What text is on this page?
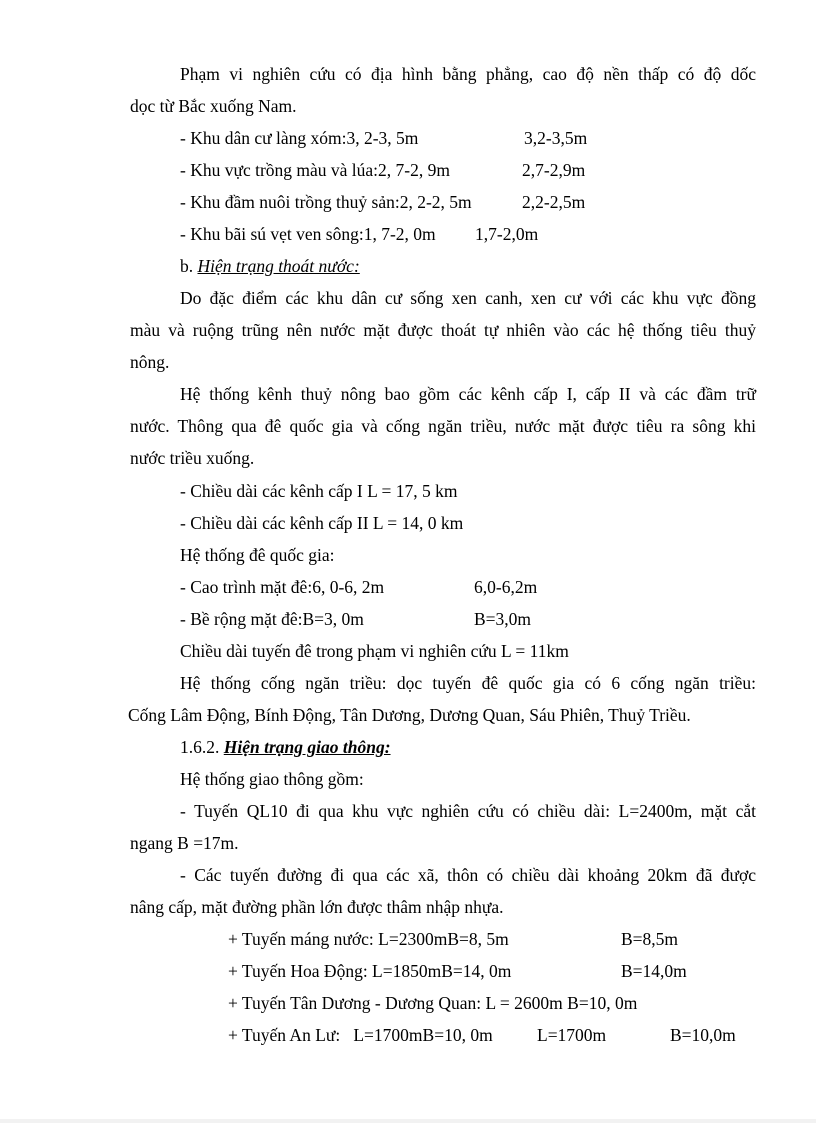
Phạm vi nghiên cứu có địa hình bằng phẳng, cao độ nền thấp có độ dốc
dọc từ Bắc xuống Nam.
- Khu dân cư làng xóm:3, 2-3, 5m	3,2-3,5m
- Khu vực trồng màu và lúa:2, 7-2, 9m	2,7-2,9m
- Khu đầm nuôi trồng thuỷ sản:2, 2-2, 5m	2,2-2,5m
- Khu bãi sú vẹt ven sông:1, 7-2, 0m 1,7-2,0m
b. Hiện trạng thoát nước:
Do đặc điểm các khu dân cư sống xen canh, xen cư với các khu vực đồng
màu và ruộng trũng nên nước mặt được thoát tự nhiên vào các hệ thống tiêu thuỷ
nông.
Hệ thống kênh thuỷ nông bao gồm các kênh cấp I, cấp II và các đầm trữ
nước. Thông qua đê quốc gia và cống ngăn triều, nước mặt được tiêu ra sông khi
nước triều xuống.
- Chiều dài các kênh cấp I L = 17, 5 km
- Chiều dài các kênh cấp II L = 14, 0 km
Hệ thống đê quốc gia:
- Cao trình mặt đê:6, 0-6, 2m	6,0-6,2m
- Bề rộng mặt đê:B=3, 0m	B=3,0m
Chiều dài tuyến đê trong phạm vi nghiên cứu L = 11km
Hệ thống cống ngăn triều: dọc tuyến đê quốc gia có 6 cống ngăn triều:
Cống Lâm Động, Bính Động, Tân Dương, Dương Quan, Sáu Phiên, Thuỷ Triều.
1.6.2. Hiện trạng giao thông:
Hệ thống giao thông gồm:
- Tuyến QL10 đi qua khu vực nghiên cứu có chiều dài: L=2400m, mặt cắt
ngang B =17m.
- Các tuyến đường đi qua các xã, thôn có chiều dài khoảng 20km đã được
nâng cấp, mặt đường phần lớn được thâm nhập nhựa.
+ Tuyến máng nước: L=2300mB=8, 5m	B=8,5m
+ Tuyến Hoa Động: L=1850mB=14, 0m	B=14,0m
+ Tuyến Tân Dương - Dương Quan: L = 2600m B=10, 0m
+ Tuyến An Lư:   L=1700mB=10, 0m	L=1700m	B=10,0m
